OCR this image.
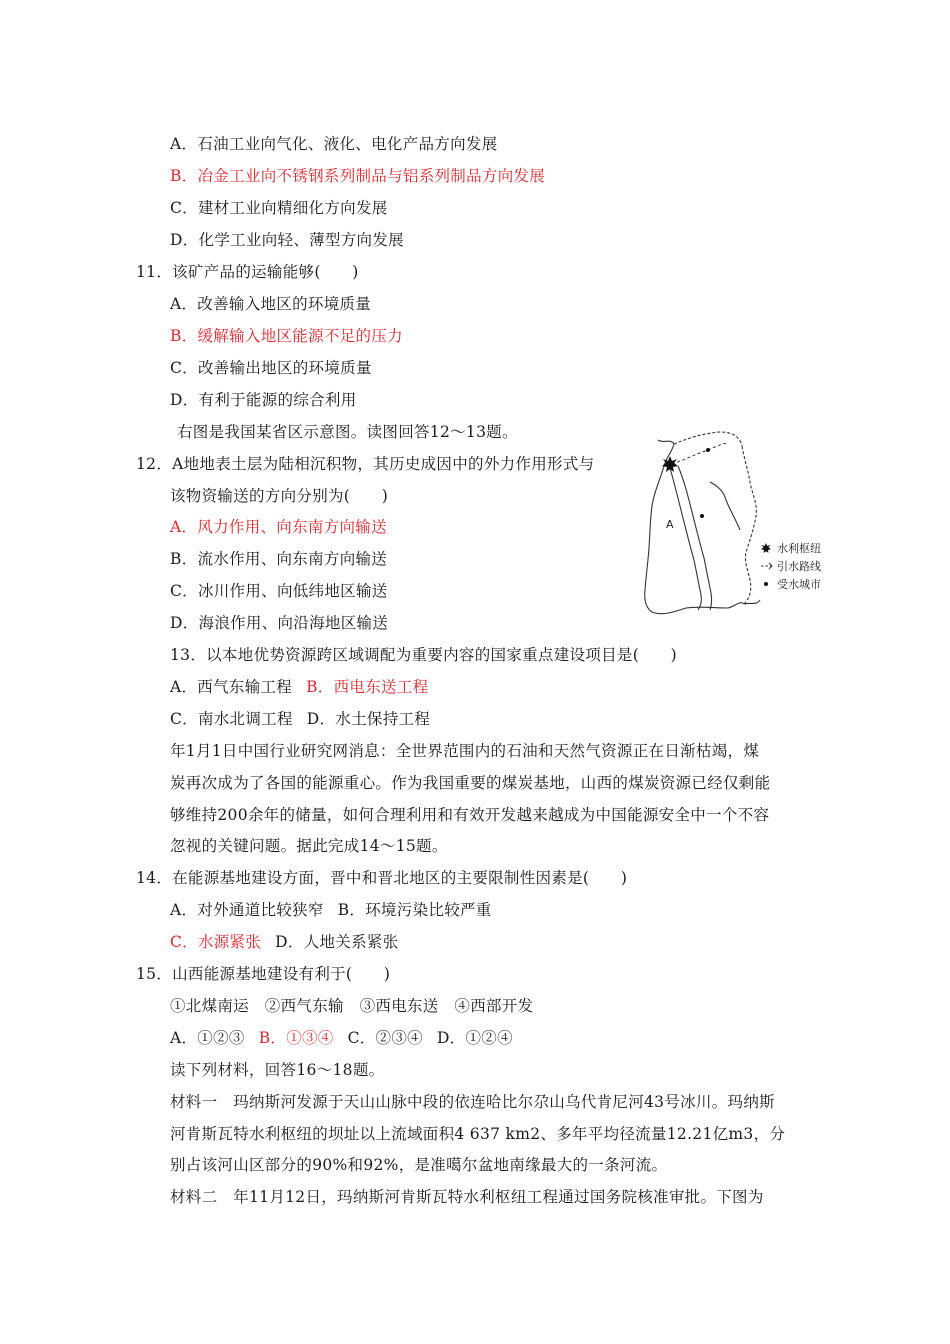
A．石油工业向气化、液化、电化产品方向发展
B．冶金工业向不锈钢系列制品与铝系列制品方向发展
C．建材工业向精细化方向发展
D．化学工业向轻、薄型方向发展
11．该矿产品的运输能够(　　)
A．改善输入地区的环境质量
B．缓解输入地区能源不足的压力
C．改善输出地区的环境质量
D．有利于能源的综合利用
右图是我国某省区示意图。读图回答12～13题。
12．A地地表土层为陆相沉积物，其历史成因中的外力作用形式与
该物资输送的方向分别为(　　)
A．风力作用、向东南方向输送
B．流水作用、向东南方向输送
C．冰川作用、向低纬地区输送
D．海浪作用、向沿海地区输送
A
水利枢纽
引水路线
受水城市
13．以本地优势资源跨区域调配为重要内容的国家重点建设项目是(　　)
A．西气东输工程 B．西电东送工程
C．南水北调工程 D．水土保持工程
年1月1日中国行业研究网消息：全世界范围内的石油和天然气资源正在日渐枯竭，煤
炭再次成为了各国的能源重心。作为我国重要的煤炭基地，山西的煤炭资源已经仅剩能
够维持200余年的储量，如何合理利用和有效开发越来越成为中国能源安全中一个不容
忽视的关键问题。据此完成14～15题。
14．在能源基地建设方面，晋中和晋北地区的主要限制性因素是(　　)
A．对外通道比较狭窄 B．环境污染比较严重
C．水源紧张 D．人地关系紧张
15．山西能源基地建设有利于(　　)
①北煤南运　②西气东输　③西电东送　④西部开发
A．①②③ B．①③④ C．②③④ D．①②④
读下列材料，回答16～18题。
材料一　玛纳斯河发源于天山山脉中段的依连哈比尔尕山乌代肯尼河43号冰川。玛纳斯
河肯斯瓦特水利枢纽的坝址以上流域面积4 637 km2、多年平均径流量12.21亿m3，分
别占该河山区部分的90%和92%，是准噶尔盆地南缘最大的一条河流。
材料二　年11月12日，玛纳斯河肯斯瓦特水利枢纽工程通过国务院核准审批。下图为
